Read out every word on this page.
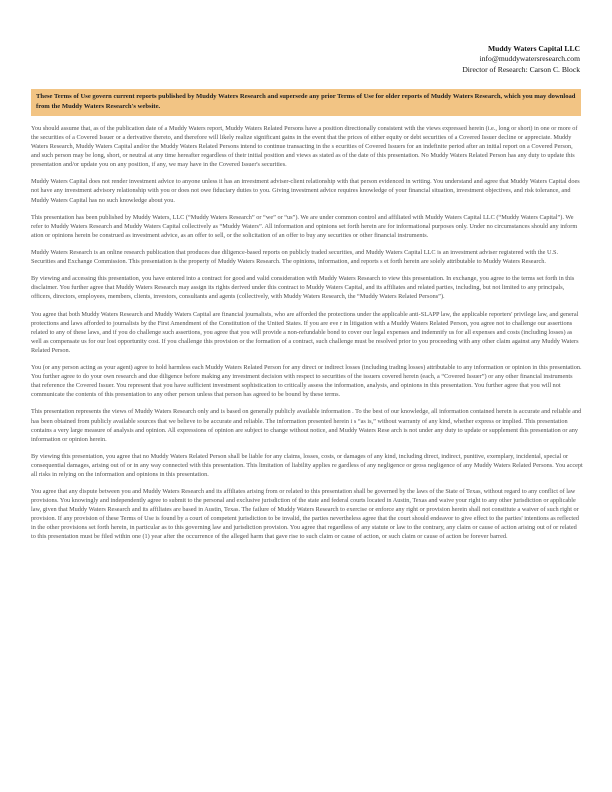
Muddy Waters Capital LLC
info@muddywatersresearch.com
Director of Research: Carson C. Block
These Terms of Use govern current reports published by Muddy Waters Research and supersede any prior Terms of Use for older reports of Muddy Waters Research, which you may download from the Muddy Waters Research's website.

You should assume that, as of the publication date of a Muddy Waters report, Muddy Waters Related Persons have a position directionally consistent with the views expressed herein (i.e., long or short) in one or more of the securities of a Covered Issuer or a derivative thereto, and therefore will likely realize significant gains in the event that the prices of either equity or debt securities of a Covered Issuer decline or appreciate. Muddy Waters Research, Muddy Waters Capital and/or the Muddy Waters Related Persons intend to continue transacting in the s ecurities of Covered Issuers for an indefinite period after an initial report on a Covered Person, and such person may be long, short, or neutral at any time hereafter regardless of their initial position and views as stated as of the date of this presentation. No Muddy Waters Related Person has any duty to update this presentation and/or update you on any position, if any, we may have in the Covered Issuer's securities.

Muddy Waters Capital does not render investment advice to anyone unless it has an investment adviser-client relationship with that person evidenced in writing. You understand and agree that Muddy Waters Capital does not have any investment advisory relationship with you or does not owe fiduciary duties to you. Giving investment advice requires knowledge of your financial situation, investment objectives, and risk tolerance, and Muddy Waters Capital has no such knowledge about you.

This presentation has been published by Muddy Waters, LLC (“Muddy Waters Research” or “we” or “us”). We are under common control and affiliated with Muddy Waters Capital LLC (“Muddy Waters Capital”). We refer to Muddy Waters Research and Muddy Waters Capital collectively as “Muddy Waters”. All information and opinions set forth herein are for informational purposes only. Under no circumstances should any inform ation or opinions herein be construed as investment advice, as an offer to sell, or the solicitation of an offer to buy any securities or other financial instruments.

Muddy Waters Research is an online research publication that produces due diligence-based reports on publicly traded securities, and Muddy Waters Capital LLC is an investment adviser registered with the U.S. Securities and Exchange Commission. This presentation is the property of Muddy Waters Research. The opinions, information, and reports s et forth herein are solely attributable to Muddy Waters Research.

By viewing and accessing this presentation, you have entered into a contract for good and valid consideration with Muddy Waters Research to view this presentation. In exchange, you agree to the terms set forth in this disclaimer. You further agree that Muddy Waters Research may assign its rights derived under this contract to Muddy Waters Capital, and its affiliates and related parties, including, but not limited to any principals, officers, directors, employees, members, clients, investors, consultants and agents (collectively, with Muddy Waters Research, the “Muddy Waters Related Persons”).

You agree that both Muddy Waters Research and Muddy Waters Capital are financial journalists, who are afforded the protections under the applicable anti-SLAPP law, the applicable reporters' privilege law, and general protections and laws afforded to journalists by the First Amendment of the Constitution of the United States. If you are eve r in litigation with a Muddy Waters Related Person, you agree not to challenge our assertions related to any of these laws, and if you do challenge such assertions, you agree that you will provide a non-refundable bond to cover our legal expenses and indemnify us for all expenses and costs (including losses) as well as compensate us for our lost opportunity cost. If you challenge this provision or the formation of a contract, such challenge must be resolved prior to you proceeding with any other claim against any Muddy Waters Related Person.

You (or any person acting as your agent) agree to hold harmless each Muddy Waters Related Person for any direct or indirect losses (including trading losses) attributable to any information or opinion in this presentation. You further agree to do your own research and due diligence before making any investment decision with respect to securities of the issuers covered herein (each, a “Covered Issuer”) or any other financial instruments that reference the Covered Issuer. You represent that you have sufficient investment sophistication to critically assess the information, analysis, and opinions in this presentation. You further agree that you will not communicate the contents of this presentation to any other person unless that person has agreed to be bound by these terms.

This presentation represents the views of Muddy Waters Research only and is based on generally publicly available information . To the best of our knowledge, all information contained herein is accurate and reliable and has been obtained from publicly available sources that we believe to be accurate and reliable. The information presented herein i s “as is,” without warranty of any kind, whether express or implied. This presentation contains a very large measure of analysis and opinion. All expressions of opinion are subject to change without notice, and Muddy Waters Rese arch is not under any duty to update or supplement this presentation or any information or opinion herein.

By viewing this presentation, you agree that no Muddy Waters Related Person shall be liable for any claims, losses, costs, or damages of any kind, including direct, indirect, punitive, exemplary, incidental, special or consequential damages, arising out of or in any way connected with this presentation. This limitation of liability applies re gardless of any negligence or gross negligence of any Muddy Waters Related Persons. You accept all risks in relying on the information and opinions in this presentation.

You agree that any dispute between you and Muddy Waters Research and its affiliates arising from or related to this presentation shall be governed by the laws of the State of Texas, without regard to any conflict of law provisions. You knowingly and independently agree to submit to the personal and exclusive jurisdiction of the state and federal courts located in Austin, Texas and waive your right to any other jurisdiction or applicable law, given that Muddy Waters Research and its affiliates are based in Austin, Texas. The failure of Muddy Waters Research to exercise or enforce any right or provision herein shall not constitute a waiver of such right or provision. If any provision of these Terms of Use is found by a court of competent jurisdiction to be invalid, the parties nevertheless agree that the court should endeavor to give effect to the parties' intentions as reflected in the other provisions set forth herein, in particular as to this governing law and jurisdiction provision. You agree that regardless of any statute or law to the contrary, any claim or cause of action arising out of or related to this presentation must be filed within one (1) year after the occurrence of the alleged harm that gave rise to such claim or cause of action, or such claim or cause of action be forever barred.
